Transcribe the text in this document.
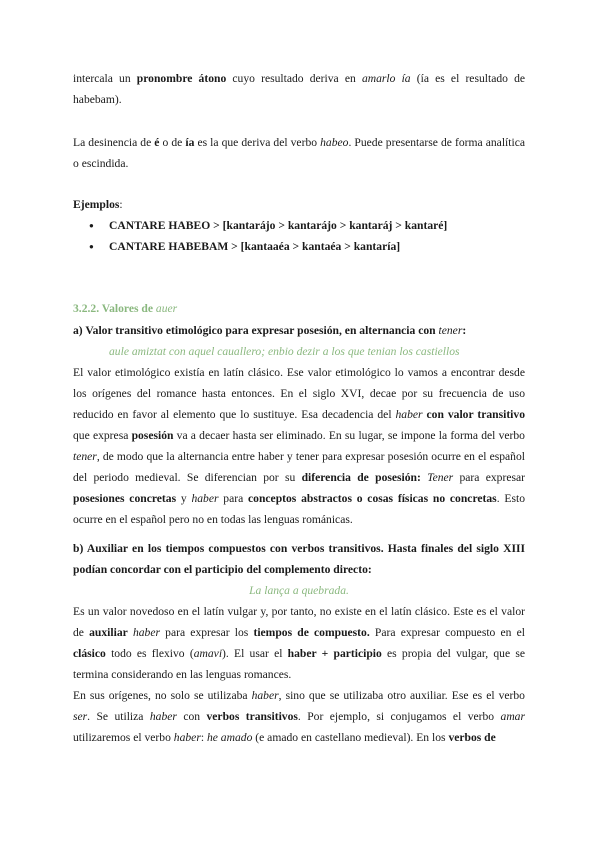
intercala un pronombre átono cuyo resultado deriva en amarlo ía (ía es el resultado de habebam).
La desinencia de é o de ía es la que deriva del verbo habeo. Puede presentarse de forma analítica o escindida.
Ejemplos:
● CANTARE HABEO > [kantarájo > kantarájo > kantaráj > kantaré]
● CANTARE HABEBAM > [kantaaéa > kantaéa > kantaría]
3.2.2. Valores de auer
a) Valor transitivo etimológico para expresar posesión, en alternancia con tener:
aule amiztat con aquel cauallero; enbio dezir a los que tenian los castiellos
El valor etimológico existía en latín clásico. Ese valor etimológico lo vamos a encontrar desde los orígenes del romance hasta entonces. En el siglo XVI, decae por su frecuencia de uso reducido en favor al elemento que lo sustituye. Esa decadencia del haber con valor transitivo que expresa posesión va a decaer hasta ser eliminado. En su lugar, se impone la forma del verbo tener, de modo que la alternancia entre haber y tener para expresar posesión ocurre en el español del periodo medieval. Se diferencian por su diferencia de posesión: Tener para expresar posesiones concretas y haber para conceptos abstractos o cosas físicas no concretas. Esto ocurre en el español pero no en todas las lenguas románicas.
b) Auxiliar en los tiempos compuestos con verbos transitivos. Hasta finales del siglo XIII podían concordar con el participio del complemento directo:
La lança a quebrada.
Es un valor novedoso en el latín vulgar y, por tanto, no existe en el latín clásico. Este es el valor de auxiliar haber para expresar los tiempos de compuesto. Para expresar compuesto en el clásico todo es flexivo (amavi). El usar el haber + participio es propia del vulgar, que se termina considerando en las lenguas romances.
En sus orígenes, no solo se utilizaba haber, sino que se utilizaba otro auxiliar. Ese es el verbo ser. Se utiliza haber con verbos transitivos. Por ejemplo, si conjugamos el verbo amar utilizaremos el verbo haber: he amado (e amado en castellano medieval). En los verbos de
